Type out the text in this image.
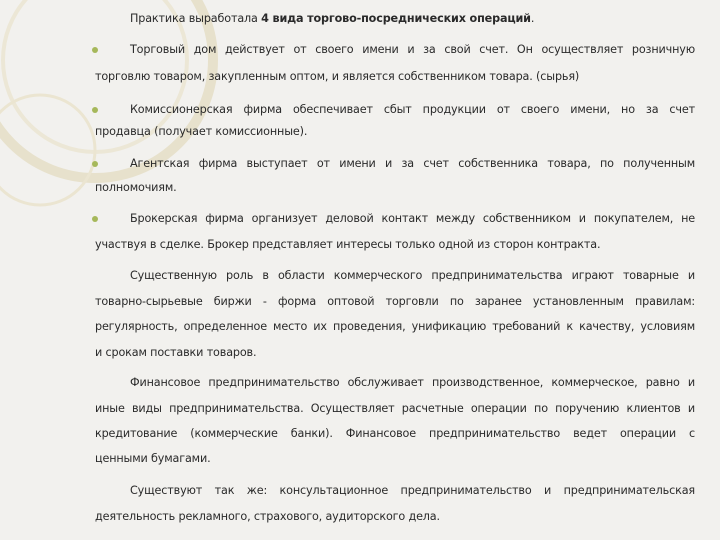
Практика выработала 4 вида торгово-посреднических операций.
Торговый дом действует от своего имени и за свой счет. Он осуществляет розничную
торговлю товаром, закупленным оптом, и является собственником товара. (сырья)
Комиссионерская фирма обеспечивает сбыт продукции от своего имени, но за счет
продавца (получает комиссионные).
Агентская фирма выступает от имени и за счет собственника товара, по полученным
полномочиям.
Брокерская фирма организует деловой контакт между собственником и покупателем, не
участвуя в сделке. Брокер представляет интересы только одной из сторон контракта.
Существенную роль в области коммерческого предпринимательства играют товарные и
товарно-сырьевые биржи - форма оптовой торговли по заранее установленным правилам:
регулярность, определенное место их проведения, унификацию требований к качеству, условиям
и срокам поставки товаров.
Финансовое предпринимательство обслуживает производственное, коммерческое, равно и
иные виды предпринимательства. Осуществляет расчетные операции по поручению клиентов и
кредитование (коммерческие банки). Финансовое предпринимательство ведет операции с
ценными бумагами.
Существуют так же: консультационное предпринимательство и предпринимательская
деятельность рекламного, страхового, аудиторского дела.
